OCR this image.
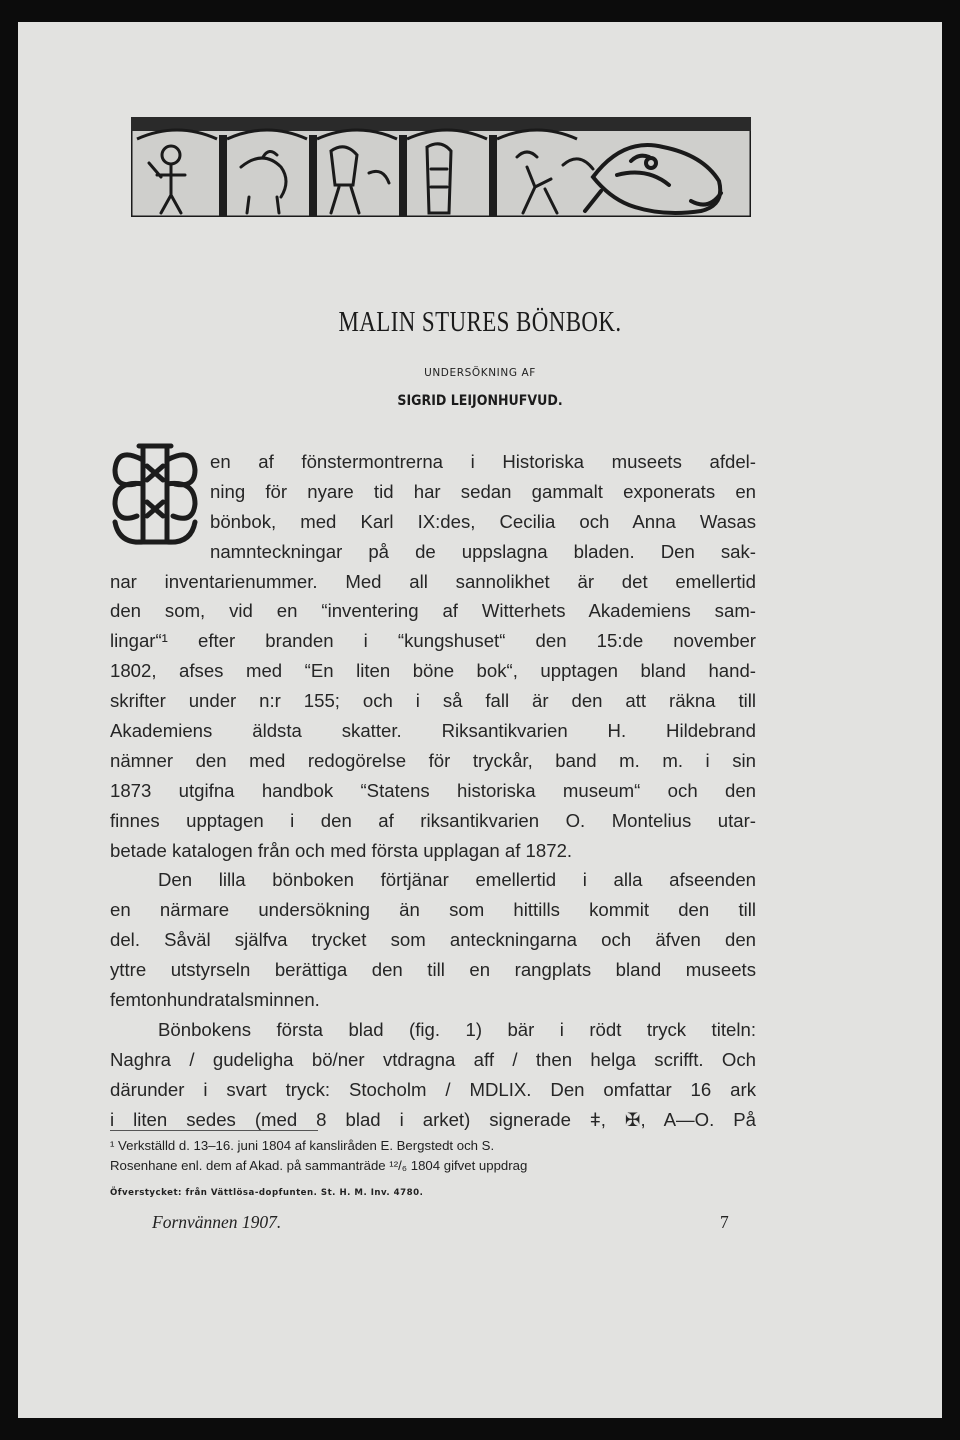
MALIN STURES BÖNBOK.
UNDERSÖKNING AF
SIGRID LEIJONHUFVUD.
D
en af fönstermontrerna i Historiska museets afdel-
ning för nyare tid har sedan gammalt exponerats en
bönbok, med Karl IX:des, Cecilia och Anna Wasas
namnteckningar på de uppslagna bladen. Den sak-
nar inventarienummer. Med all sannolikhet är det emellertid
den som, vid en “inventering af Witterhets Akademiens sam-
lingar“¹ efter branden i “kungshuset“ den 15:de november
1802, afses med “En liten böne bok“, upptagen bland hand-
skrifter under n:r 155; och i så fall är den att räkna till
Akademiens äldsta skatter. Riksantikvarien H. Hildebrand
nämner den med redogörelse för tryckår, band m. m. i sin
1873 utgifna handbok “Statens historiska museum“ och den
finnes upptagen i den af riksantikvarien O. Montelius utar-
betade katalogen från och med första upplagan af 1872.
Den lilla bönboken förtjänar emellertid i alla afseenden
en närmare undersökning än som hittills kommit den till
del. Såväl själfva trycket som anteckningarna och äfven den
yttre utstyrseln berättiga den till en rangplats bland museets
femtonhundratalsminnen.
Bönbokens första blad (fig. 1) bär i rödt tryck titeln:
Naghra / gudeligha bö/ner vtdragna aff / then helga scrifft. Och
därunder i svart tryck: Stocholm / MDLIX. Den omfattar 16 ark
i liten sedes (med 8 blad i arket) signerade ǂ, ✠, A—O. På
¹ Verkställd d. 13–16. juni 1804 af kansliråden E. Bergstedt och S.
Rosenhane enl. dem af Akad. på sammanträde ¹²/₆ 1804 gifvet uppdrag
Öfverstycket: från Vättlösa-dopfunten. St. H. M. Inv. 4780.
Fornvännen 1907.	7
